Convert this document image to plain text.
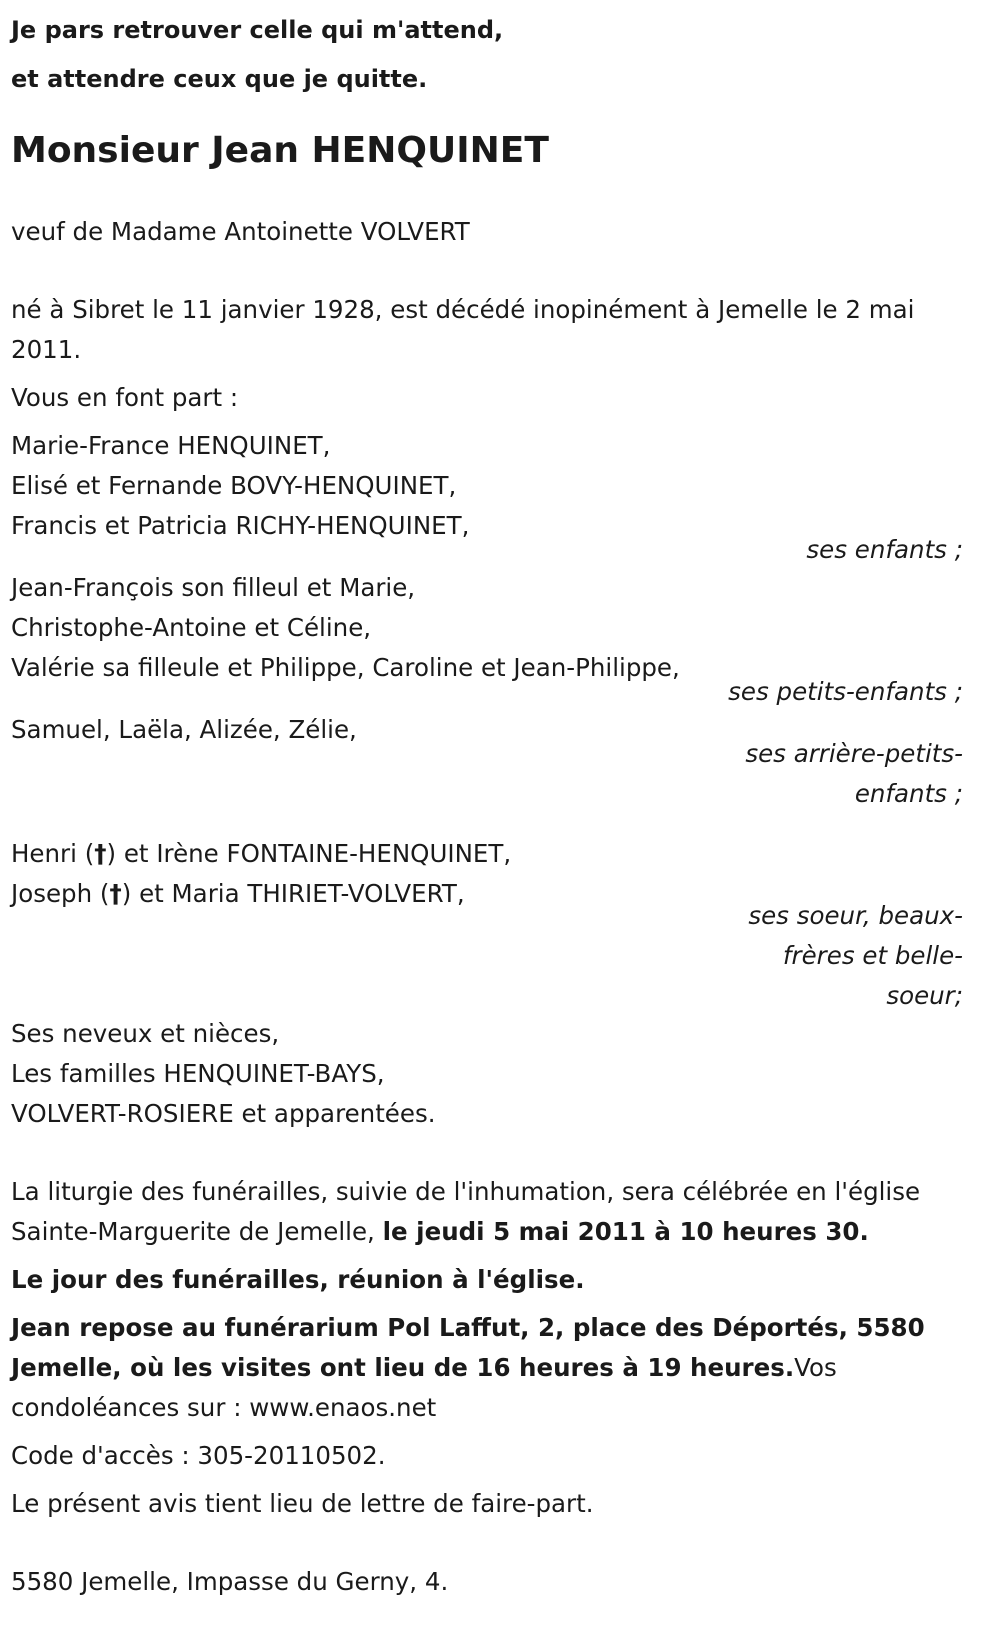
Je pars retrouver celle qui m'attend,

et attendre ceux que je quitte.

Monsieur Jean HENQUINET

veuf de Madame Antoinette VOLVERT

né à Sibret le 11 janvier 1928, est décédé inopinément à Jemelle le 2 mai 2011.

Vous en font part :

Marie-France HENQUINET,

Elisé et Fernande BOVY-HENQUINET,

Francis et Patricia RICHY-HENQUINET,

ses enfants ;

Jean-François son filleul et Marie,

Christophe-Antoine et Céline,

Valérie sa filleule et Philippe, Caroline et Jean-Philippe,

ses petits-enfants ;

Samuel, Laëla, Alizée, Zélie,

ses arrière-petits-

enfants ;

Henri (†) et Irène FONTAINE-HENQUINET,

Joseph (†) et Maria THIRIET-VOLVERT,

ses soeur, beaux-

frères et belle-

soeur;

Ses neveux et nièces,

Les familles HENQUINET-BAYS,

VOLVERT-ROSIERE et apparentées.

La liturgie des funérailles, suivie de l'inhumation, sera célébrée en l'église Sainte-Marguerite de Jemelle, le jeudi 5 mai 2011 à 10 heures 30.

Le jour des funérailles, réunion à l'église.

Jean repose au funérarium Pol Laffut, 2, place des Déportés, 5580 Jemelle, où les visites ont lieu de 16 heures à 19 heures.Vos condoléances sur : www.enaos.net

Code d'accès : 305-20110502.

Le présent avis tient lieu de lettre de faire-part.

5580 Jemelle, Impasse du Gerny, 4.
